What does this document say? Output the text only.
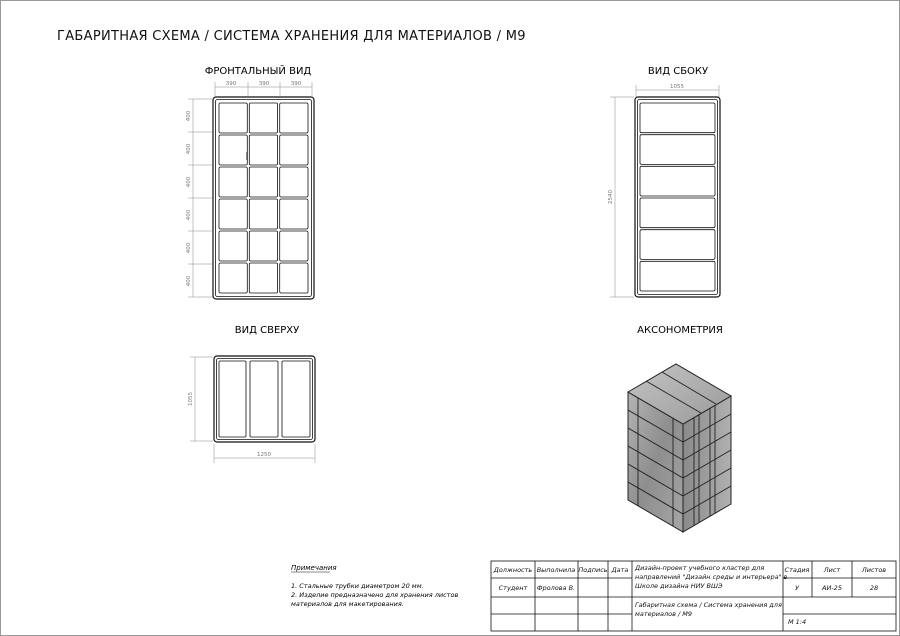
ГАБАРИТНАЯ СХЕМА / СИСТЕМА ХРАНЕНИЯ ДЛЯ МАТЕРИАЛОВ / М9
ФРОНТАЛЬНЫЙ ВИД
390	390	390
400
400
400
400
400
400
ВИД СБОКУ
1055
2540
ВИД СВЕРХУ
1055
1250
АКСОНОМЕТРИЯ
Примечания
1. Стальные трубки диаметром 20 мм.
2. Изделие предназначено для хранения листов
материалов для макетирования.
Должность Выполнила Подпись Дата
Студент Фролова В.
Дизайн-проект учебного кластер для
направлений "Дизайн среды и интерьера" в
Школе дизайна НИУ ВШЭ
Стадия Лист	Листов
У	АИ-25	28
Габаритная схема / Система хранения для
материалов / М9
М 1:4
